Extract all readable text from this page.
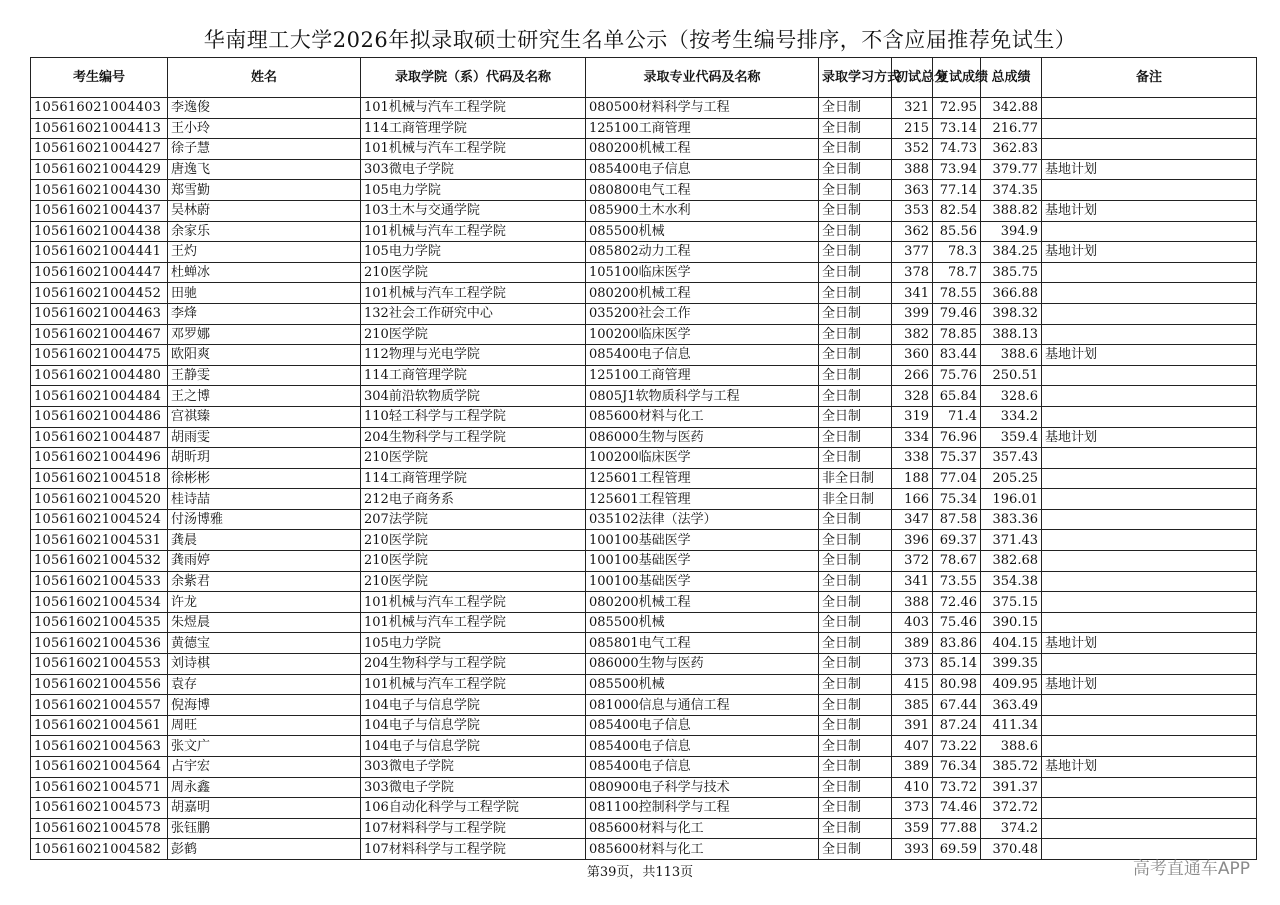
华南理工大学2026年拟录取硕士研究生名单公示（按考生编号排序，不含应届推荐免试生）
考生编号	姓名	录取学院（系）代码及名称	录取专业代码及名称	录取学习方式	初试总分	复试成绩	总成绩	备注
105616021004403	李逸俊	101机械与汽车工程学院	080500材料科学与工程	全日制	321	72.95	342.88	
105616021004413	王小玲	114工商管理学院	125100工商管理	全日制	215	73.14	216.77	
105616021004427	徐子慧	101机械与汽车工程学院	080200机械工程	全日制	352	74.73	362.83	
105616021004429	唐逸飞	303微电子学院	085400电子信息	全日制	388	73.94	379.77	基地计划
105616021004430	郑雪勤	105电力学院	080800电气工程	全日制	363	77.14	374.35	
105616021004437	吴林蔚	103土木与交通学院	085900土木水利	全日制	353	82.54	388.82	基地计划
105616021004438	余家乐	101机械与汽车工程学院	085500机械	全日制	362	85.56	394.9	
105616021004441	王灼	105电力学院	085802动力工程	全日制	377	78.3	384.25	基地计划
105616021004447	杜蝉冰	210医学院	105100临床医学	全日制	378	78.7	385.75	
105616021004452	田驰	101机械与汽车工程学院	080200机械工程	全日制	341	78.55	366.88	
105616021004463	李烽	132社会工作研究中心	035200社会工作	全日制	399	79.46	398.32	
105616021004467	邓罗娜	210医学院	100200临床医学	全日制	382	78.85	388.13	
105616021004475	欧阳爽	112物理与光电学院	085400电子信息	全日制	360	83.44	388.6	基地计划
105616021004480	王静雯	114工商管理学院	125100工商管理	全日制	266	75.76	250.51	
105616021004484	王之博	304前沿软物质学院	0805J1软物质科学与工程	全日制	328	65.84	328.6	
105616021004486	宫祺臻	110轻工科学与工程学院	085600材料与化工	全日制	319	71.4	334.2	
105616021004487	胡雨雯	204生物科学与工程学院	086000生物与医药	全日制	334	76.96	359.4	基地计划
105616021004496	胡昕玥	210医学院	100200临床医学	全日制	338	75.37	357.43	
105616021004518	徐彬彬	114工商管理学院	125601工程管理	非全日制	188	77.04	205.25	
105616021004520	桂诗喆	212电子商务系	125601工程管理	非全日制	166	75.34	196.01	
105616021004524	付汤博雅	207法学院	035102法律（法学）	全日制	347	87.58	383.36	
105616021004531	龚晨	210医学院	100100基础医学	全日制	396	69.37	371.43	
105616021004532	龚雨婷	210医学院	100100基础医学	全日制	372	78.67	382.68	
105616021004533	余紫君	210医学院	100100基础医学	全日制	341	73.55	354.38	
105616021004534	许龙	101机械与汽车工程学院	080200机械工程	全日制	388	72.46	375.15	
105616021004535	朱煜晨	101机械与汽车工程学院	085500机械	全日制	403	75.46	390.15	
105616021004536	黄德宝	105电力学院	085801电气工程	全日制	389	83.86	404.15	基地计划
105616021004553	刘诗棋	204生物科学与工程学院	086000生物与医药	全日制	373	85.14	399.35	
105616021004556	袁存	101机械与汽车工程学院	085500机械	全日制	415	80.98	409.95	基地计划
105616021004557	倪海博	104电子与信息学院	081000信息与通信工程	全日制	385	67.44	363.49	
105616021004561	周旺	104电子与信息学院	085400电子信息	全日制	391	87.24	411.34	
105616021004563	张文广	104电子与信息学院	085400电子信息	全日制	407	73.22	388.6	
105616021004564	占宇宏	303微电子学院	085400电子信息	全日制	389	76.34	385.72	基地计划
105616021004571	周永鑫	303微电子学院	080900电子科学与技术	全日制	410	73.72	391.37	
105616021004573	胡嘉明	106自动化科学与工程学院	081100控制科学与工程	全日制	373	74.46	372.72	
105616021004578	张钰鹏	107材料科学与工程学院	085600材料与化工	全日制	359	77.88	374.2	
105616021004582	彭鹤	107材料科学与工程学院	085600材料与化工	全日制	393	69.59	370.48	
第39页，共113页	高考直通车APP
